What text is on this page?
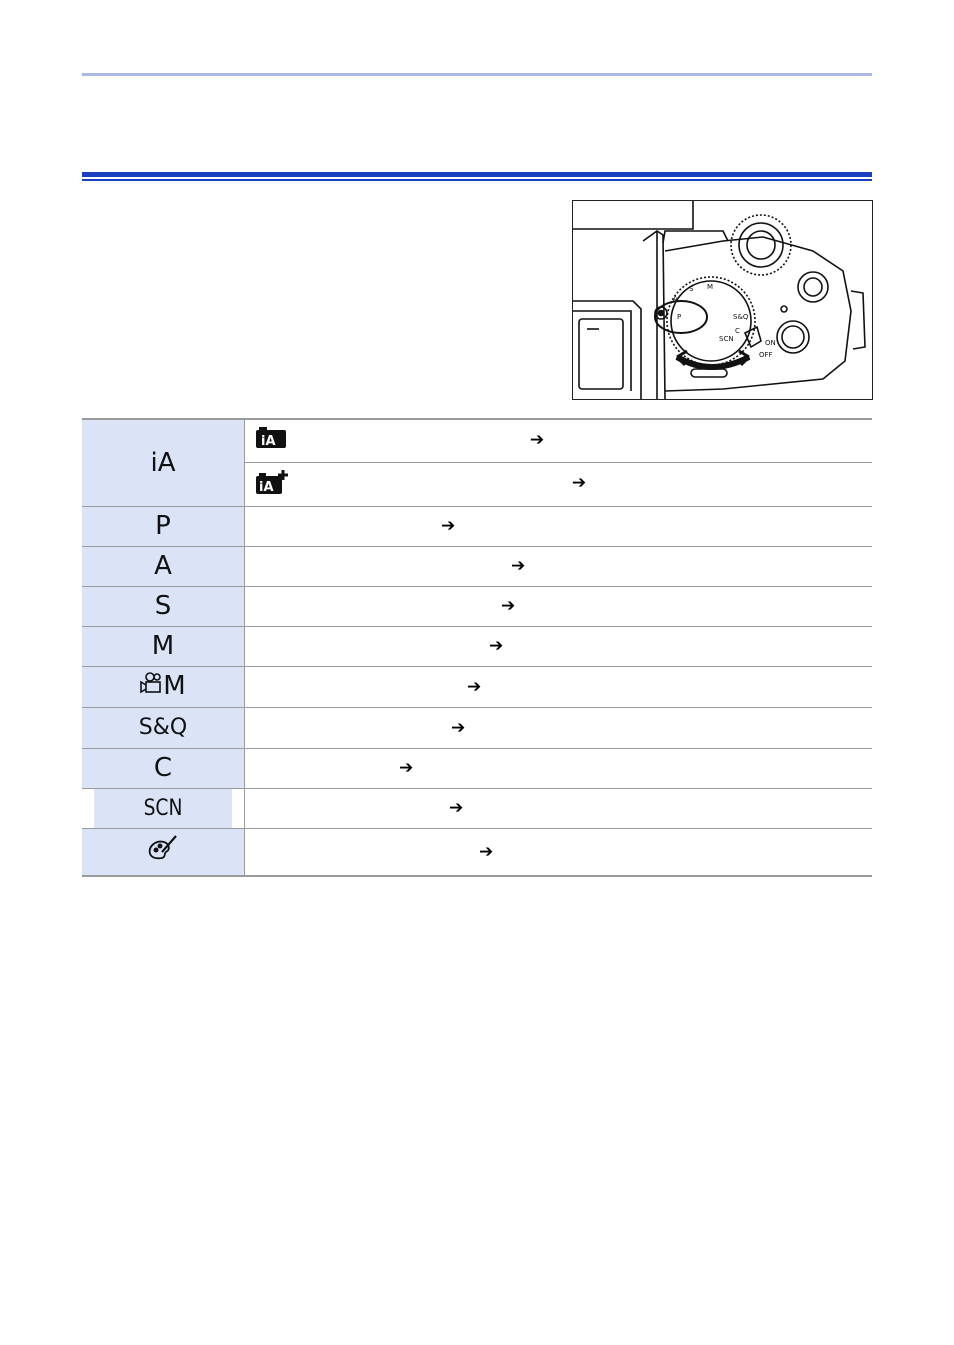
P
A
S M
C
S&Q
SCN	ON
OFF
iA	iA ➔

iA ➔
P	➔
A	➔
S	➔
M	➔
M	➔
S&Q	➔
C	➔
SCN	➔
	➔
